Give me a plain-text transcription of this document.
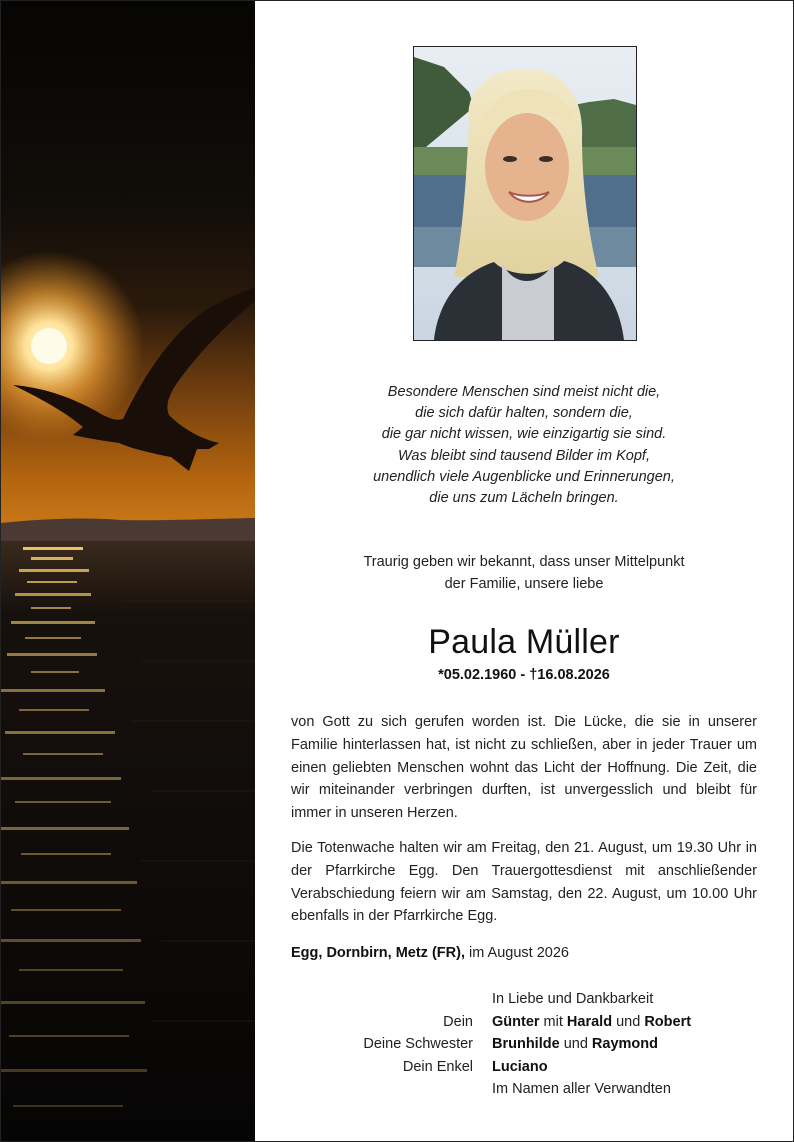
Besondere Menschen sind meist nicht die,
die sich dafür halten, sondern die,
die gar nicht wissen, wie einzigartig sie sind.
Was bleibt sind tausend Bilder im Kopf,
unendlich viele Augenblicke und Erinnerungen,
die uns zum Lächeln bringen.
Traurig geben wir bekannt, dass unser Mittelpunkt
der Familie, unsere liebe
Paula Müller
*05.02.1960 - †16.08.2026
von Gott zu sich gerufen worden ist. Die Lücke, die sie in unserer Familie hinterlassen hat, ist nicht zu schließen, aber in jeder Trauer um einen geliebten Menschen wohnt das Licht der Hoffnung. Die Zeit, die wir miteinander verbringen durften, ist unvergesslich und bleibt für immer in unseren Herzen.
Die Totenwache halten wir am Freitag, den 21. August, um 19.30 Uhr in der Pfarrkirche Egg. Den Trauergottesdienst mit anschließender Verabschiedung feiern wir am Samstag, den 22. August, um 10.00 Uhr ebenfalls in der Pfarrkirche Egg.
Egg, Dornbirn, Metz (FR), im August 2026
In Liebe und Dankbarkeit
Dein	Günter mit Harald und Robert
Deine Schwester	Brunhilde und Raymond
Dein Enkel	Luciano
Im Namen aller Verwandten
